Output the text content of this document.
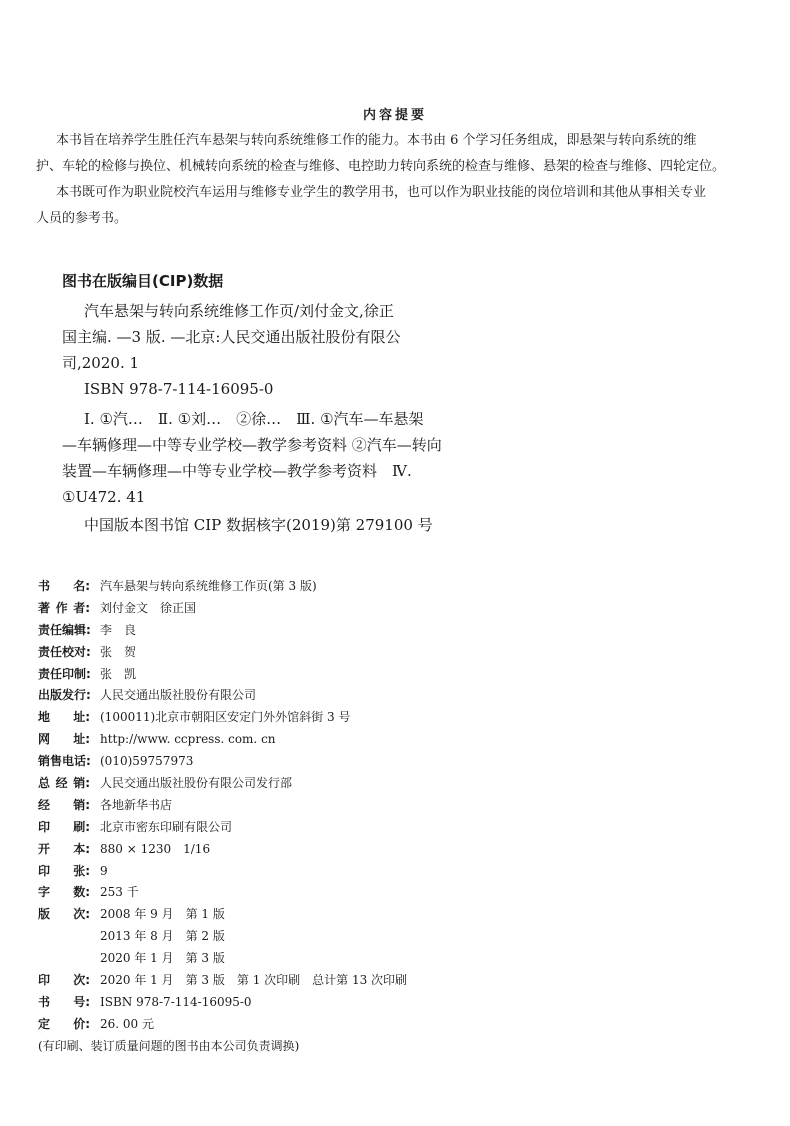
内容提要
本书旨在培养学生胜任汽车悬架与转向系统维修工作的能力。本书由 6 个学习任务组成，即悬架与转向系统的维
护、车轮的检修与换位、机械转向系统的检查与维修、电控助力转向系统的检查与维修、悬架的检查与维修、四轮定位。
本书既可作为职业院校汽车运用与维修专业学生的教学用书，也可以作为职业技能的岗位培训和其他从事相关专业
人员的参考书。
图书在版编目(CIP)数据
汽车悬架与转向系统维修工作页/刘付金文,徐正
国主编. —3 版. —北京:人民交通出版社股份有限公
司,2020. 1
ISBN 978-7-114-16095-0
Ⅰ. ①汽…　Ⅱ. ①刘…　②徐…　Ⅲ. ①汽车—车悬架
—车辆修理—中等专业学校—教学参考资料 ②汽车—转向
装置—车辆修理—中等专业学校—教学参考资料　Ⅳ.
①U472. 41
中国版本图书馆 CIP 数据核字(2019)第 279100 号
书 名: 汽车悬架与转向系统维修工作页(第 3 版)
著 作 者: 刘付金文　徐正国
责任编辑: 李　良
责任校对: 张　贺
责任印制: 张　凯
出版发行: 人民交通出版社股份有限公司
地 址: (100011)北京市朝阳区安定门外外馆斜街 3 号
网 址: http://www. ccpress. com. cn
销售电话: (010)59757973
总 经 销: 人民交通出版社股份有限公司发行部
经 销: 各地新华书店
印 刷: 北京市密东印刷有限公司
开 本: 880 × 1230　1/16
印 张: 9
字 数: 253 千
版 次: 2008 年 9 月　第 1 版
2013 年 8 月　第 2 版
2020 年 1 月　第 3 版
印 次: 2020 年 1 月　第 3 版　第 1 次印刷　总计第 13 次印刷
书 号: ISBN 978-7-114-16095-0
定 价: 26. 00 元
(有印刷、装订质量问题的图书由本公司负责调换)
